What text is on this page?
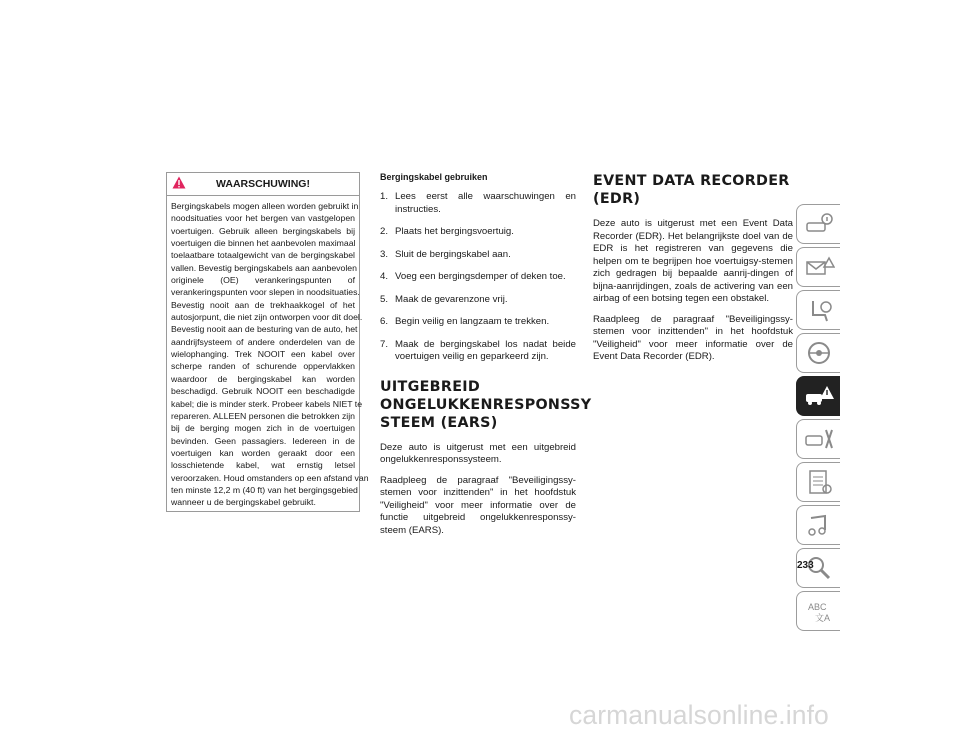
WAARSCHUWING!
Bergingskabels mogen alleen worden gebruikt in
noodsituaties voor het bergen van vastgelopen
voertuigen. Gebruik alleen bergingskabels bij
voertuigen die binnen het aanbevolen maximaal
toelaatbare totaalgewicht van de bergingskabel
vallen. Bevestig bergingskabels aan aanbevolen
originele (OE) verankeringspunten of
verankeringspunten voor slepen in noodsituaties.
Bevestig nooit aan de trekhaakkogel of het
autosjorpunt, die niet zijn ontworpen voor dit doel.
Bevestig nooit aan de besturing van de auto, het
aandrijfsysteem of andere onderdelen van de
wielophanging. Trek NOOIT een kabel over
scherpe randen of schurende oppervlakken
waardoor de bergingskabel kan worden
beschadigd. Gebruik NOOIT een beschadigde
kabel; die is minder sterk. Probeer kabels NIET te
repareren. ALLEEN personen die betrokken zijn
bij de berging mogen zich in de voertuigen
bevinden. Geen passagiers. Iedereen in de
voertuigen kan worden geraakt door een
losschietende kabel, wat ernstig letsel
veroorzaken. Houd omstanders op een afstand van
ten minste 12,2 m (40 ft) van het bergingsgebied
wanneer u de bergingskabel gebruikt.
Bergingskabel gebruiken
1. Lees eerst alle waarschuwingen en instructies.
2. Plaats het bergingsvoertuig.
3. Sluit de bergingskabel aan.
4. Voeg een bergingsdemper of deken toe.
5. Maak de gevarenzone vrij.
6. Begin veilig en langzaam te trekken.
7. Maak de bergingskabel los nadat beide voertuigen veilig en geparkeerd zijn.
UITGEBREID
ONGELUKKENRESPONSSY
STEEM (EARS)

Deze auto is uitgerust met een uitgebreid ongelukkenresponssysteem.

Raadpleeg de paragraaf "Beveiligingssy-stemen voor inzittenden" in het hoofdstuk "Veiligheid" voor meer informatie over de functie uitgebreid ongelukkenresponssy-steem (EARS).

EVENT DATA RECORDER
(EDR)

Deze auto is uitgerust met een Event Data Recorder (EDR). Het belangrijkste doel van de EDR is het registreren van gegevens die helpen om te begrijpen hoe voertuigsy-stemen zich gedragen bij bepaalde aanrij-dingen of bijna-aanrijdingen, zoals de activering van een airbag of een botsing tegen een obstakel.

Raadpleeg de paragraaf "Beveiligingssy-stemen voor inzittenden" in het hoofdstuk "Veiligheid" voor meer informatie over de Event Data Recorder (EDR).

ABC
文A
233
carmanualsonline.info
